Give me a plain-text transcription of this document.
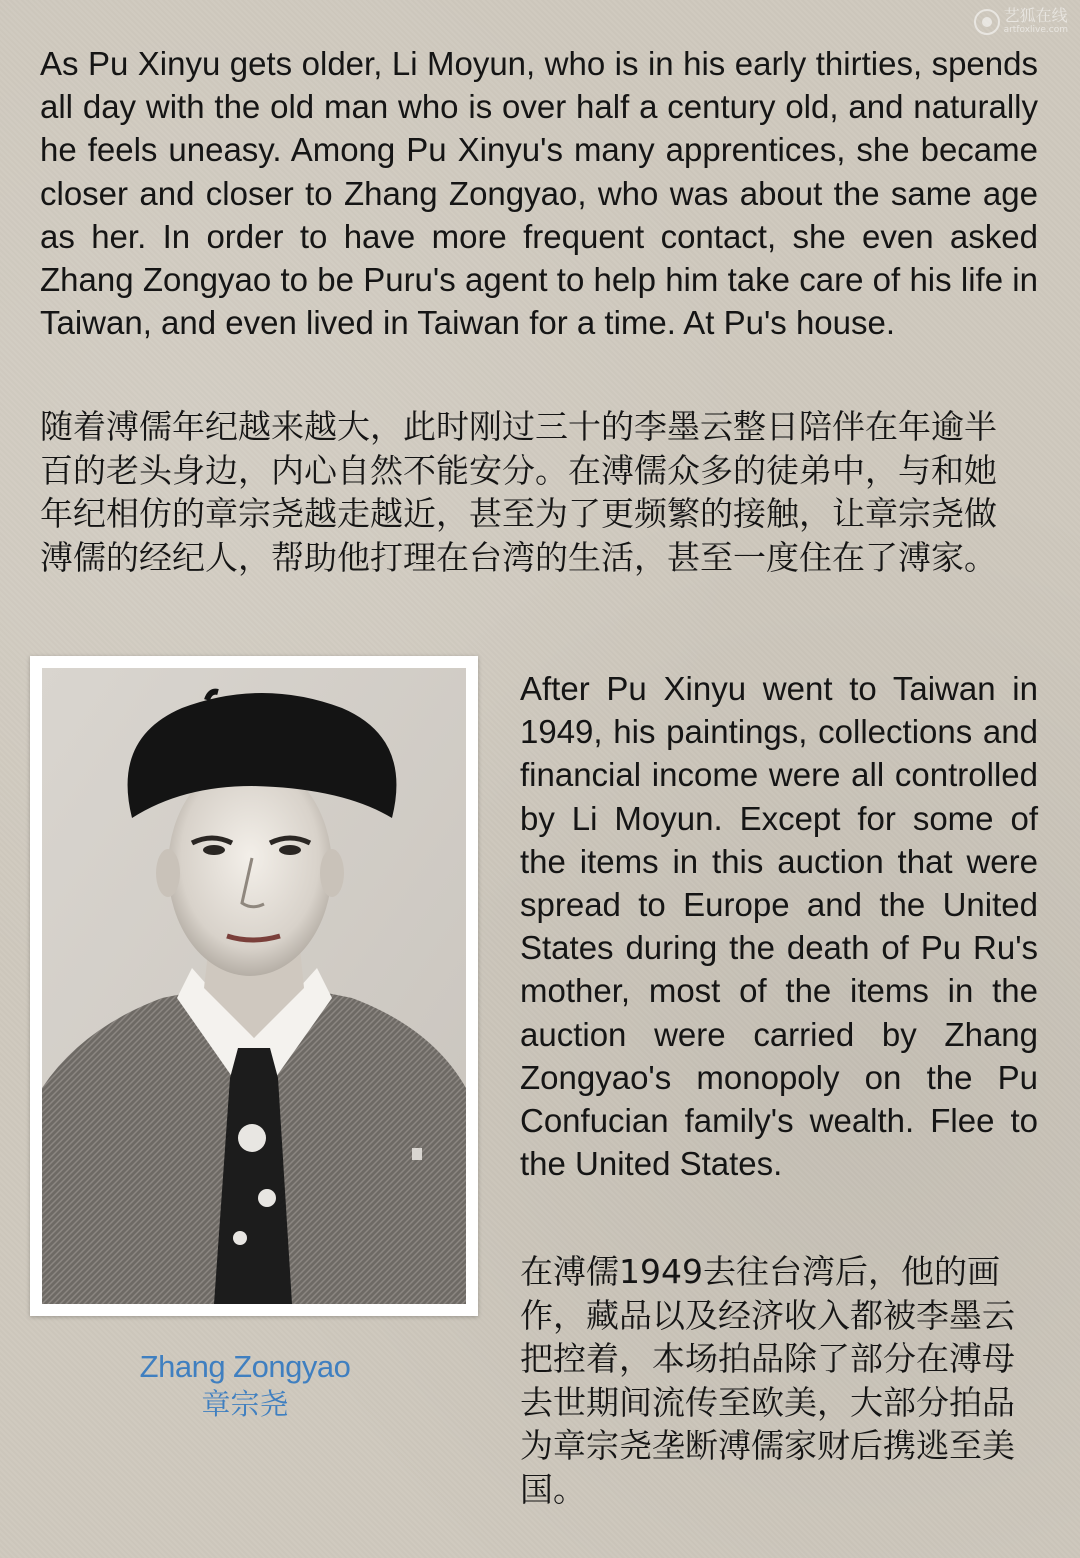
艺狐在线
artfoxlive.com

As Pu Xinyu gets older, Li Moyun, who is in his early thirties, spends all day with the old man who is over half a century old, and naturally he feels uneasy. Among Pu Xinyu's many apprentices, she became closer and closer to Zhang Zongyao, who was about the same age as her. In order to have more frequent contact, she even asked Zhang Zongyao to be Puru's agent to help him take care of his life in Taiwan, and even lived in Taiwan for a time. At Pu's house.

随着溥儒年纪越来越大，此时刚过三十的李墨云整日陪伴在年逾半百的老头身边，内心自然不能安分。在溥儒众多的徒弟中，与和她年纪相仿的章宗尧越走越近，甚至为了更频繁的接触，让章宗尧做溥儒的经纪人，帮助他打理在台湾的生活，甚至一度住在了溥家。

Zhang Zongyao
章宗尧

After Pu Xinyu went to Taiwan in 1949, his paintings, collections and financial income were all controlled by Li Moyun. Except for some of the items in this auction that were spread to Europe and the United States during the death of Pu Ru's mother, most of the items in the auction were carried by Zhang Zongyao's monopoly on the Pu Confucian family's wealth. Flee to the United States.

在溥儒1949去往台湾后，他的画作，藏品以及经济收入都被李墨云把控着，本场拍品除了部分在溥母去世期间流传至欧美，大部分拍品为章宗尧垄断溥儒家财后携逃至美国。
